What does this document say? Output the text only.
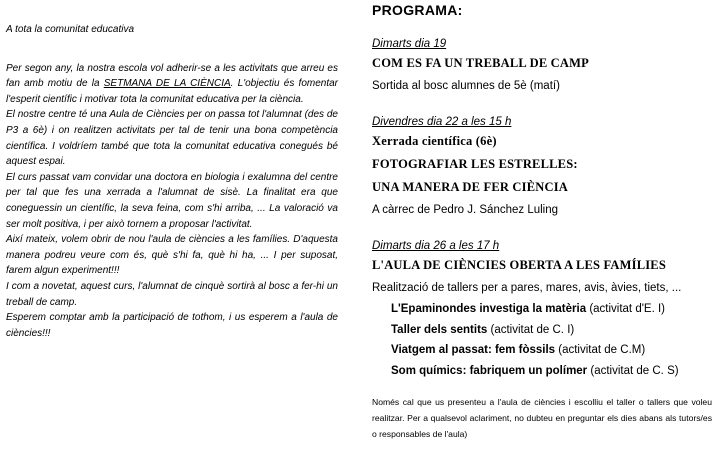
A tota la comunitat educativa

Per segon any, la nostra escola vol adherir-se a les activitats que arreu es fan amb motiu de la SETMANA DE LA CIÈNCIA. L'objectiu és fomentar l'esperit científic i motivar tota la comunitat educativa per la ciència.

El nostre centre té una Aula de Ciències per on passa tot l'alumnat (des de P3 a 6è) i on realitzen activitats per tal de tenir una bona competència científica. I voldríem també que tota la comunitat educativa conegués bé aquest espai.

El curs passat vam convidar una doctora en biologia i exalumna del centre per tal que fes una xerrada a l'alumnat de sisè. La finalitat era que coneguessin un científic, la seva feina, com s'hi arriba, ... La valoració va ser molt positiva, i per això tornem a proposar l'activitat.

Així mateix, volem obrir de nou l'aula de ciències a les famílies. D'aquesta manera podreu veure com és, què s'hi fa, què hi ha, ... I per suposat, farem algun experiment!!!

I com a novetat, aquest curs, l'alumnat de cinquè sortirà al bosc a fer-hi un treball de camp.

Esperem comptar amb la participació de tothom, i us esperem a l'aula de ciències!!!

PROGRAMA:
Dimarts dia 19
COM ES FA UN TREBALL DE CAMP
Sortida al bosc alumnes de 5è (matí)
Divendres dia 22 a les 15 h
Xerrada científica (6è)
FOTOGRAFIAR LES ESTRELLES:
UNA MANERA DE FER CIÈNCIA
A càrrec de Pedro J. Sánchez Luling
Dimarts dia 26 a les 17 h
L'AULA DE CIÈNCIES OBERTA A LES FAMÍLIES
Realització de tallers per a pares, mares, avis, àvies, tiets, ...
L'Epaminondes investiga la matèria (activitat d'E. I)
Taller dels sentits (activitat de C. I)
Viatgem al passat: fem fòssils (activitat de C.M)
Som químics: fabriquem un polímer (activitat de C. S)
Només cal que us presenteu a l'aula de ciències i escolliu el taller o tallers que voleu realitzar. Per a qualsevol aclariment, no dubteu en preguntar els dies abans als tutors/es o responsables de l'aula)
